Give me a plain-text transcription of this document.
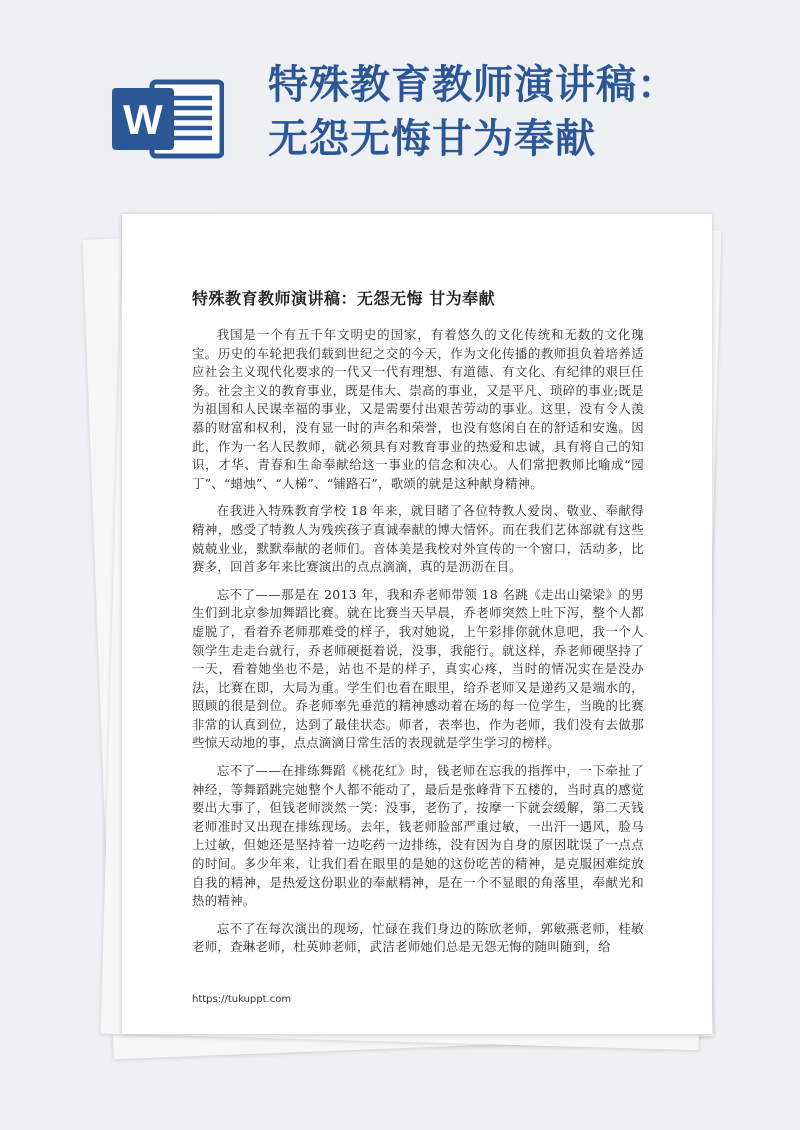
W
特殊教育教师演讲稿：
无怨无悔甘为奉献
特殊教育教师演讲稿：无怨无悔 甘为奉献

我国是一个有五千年文明史的国家，有着悠久的文化传统和无数的文化瑰宝。历史的车轮把我们载到世纪之交的今天，作为文化传播的教师担负着培养适应社会主义现代化要求的一代又一代有理想、有道德、有文化、有纪律的艰巨任务。社会主义的教育事业，既是伟大、崇高的事业，又是平凡、琐碎的事业;既是为祖国和人民谋幸福的事业，又是需要付出艰苦劳动的事业。这里，没有令人羡慕的财富和权利，没有显一时的声名和荣誉，也没有悠闲自在的舒适和安逸。因此，作为一名人民教师，就必须具有对教育事业的热爱和忠诚，具有将自己的知识，才华、青春和生命奉献给这一事业的信念和决心。人们常把教师比喻成“园丁”、“蜡烛”、“人梯”、“铺路石”，歌颂的就是这种献身精神。

在我进入特殊教育学校 18 年来，就目睹了各位特教人爱岗、敬业、奉献得精神，感受了特教人为残疾孩子真诚奉献的博大情怀。而在我们艺体部就有这些兢兢业业，默默奉献的老师们。音体美是我校对外宣传的一个窗口，活动多，比赛多，回首多年来比赛演出的点点滴滴，真的是沥沥在目。

忘不了——那是在 2013 年，我和乔老师带领 18 名跳《走出山梁梁》的男生们到北京参加舞蹈比赛。就在比赛当天早晨，乔老师突然上吐下泻，整个人都虚脱了，看着乔老师那难受的样子，我对她说，上午彩排你就休息吧，我一个人领学生走走台就行，乔老师硬挺着说，没事，我能行。就这样，乔老师硬坚持了一天，看着她坐也不是，站也不是的样子，真实心疼，当时的情况实在是没办法，比赛在即，大局为重。学生们也看在眼里，给乔老师又是递药又是端水的，照顾的很是到位。乔老师率先垂范的精神感动着在场的每一位学生，当晚的比赛非常的认真到位，达到了最佳状态。师者，表率也，作为老师，我们没有去做那些惊天动地的事，点点滴滴日常生活的表现就是学生学习的榜样。

忘不了——在排练舞蹈《桃花红》时，钱老师在忘我的指挥中，一下牵扯了神经，等舞蹈跳完她整个人都不能动了，最后是张峰背下五楼的，当时真的感觉要出大事了，但钱老师淡然一笑：没事，老伤了，按摩一下就会缓解，第二天钱老师准时又出现在排练现场。去年，钱老师脸部严重过敏，一出汗一遇风，脸马上过敏，但她还是坚持着一边吃药一边排练，没有因为自身的原因耽误了一点点的时间。多少年来，让我们看在眼里的是她的这份吃苦的精神，是克服困难绽放自我的精神，是热爱这份职业的奉献精神，是在一个不显眼的角落里，奉献光和热的精神。

忘不了在每次演出的现场，忙碌在我们身边的陈欣老师，郭敏燕老师，桂敏老师，查琳老师，杜英帅老师，武洁老师她们总是无怨无悔的随叫随到，给

https://tukuppt.com
